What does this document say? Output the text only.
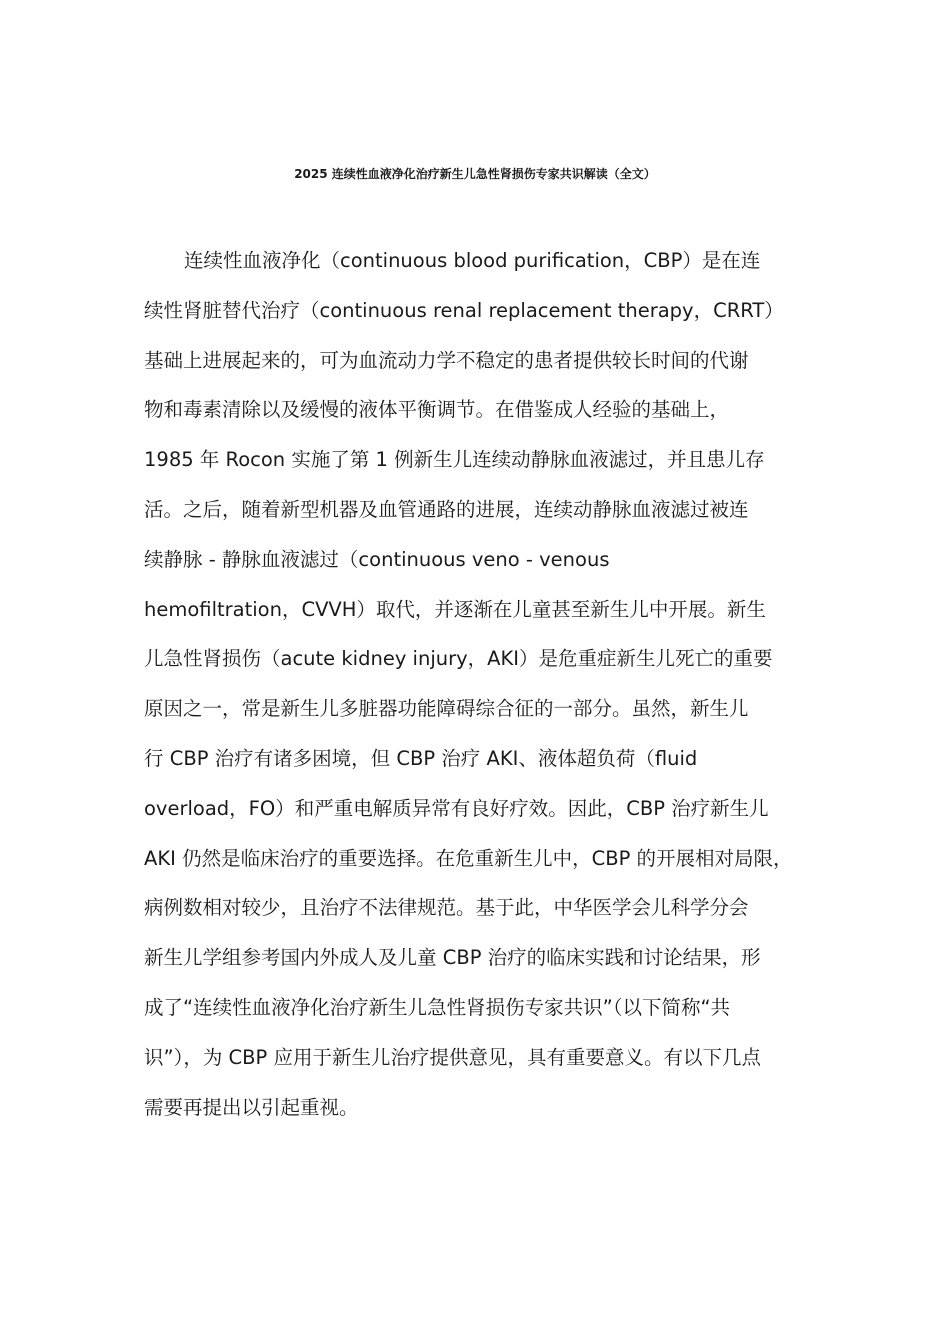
2025 连续性血液净化治疗新生儿急性肾损伤专家共识解读（全文）
连续性血液净化（continuous blood purification，CBP）是在连
续性肾脏替代治疗（continuous renal replacement therapy，CRRT）
基础上进展起来的，可为血流动力学不稳定的患者提供较长时间的代谢
物和毒素清除以及缓慢的液体平衡调节。在借鉴成人经验的基础上，
1985 年 Rocon 实施了第 1 例新生儿连续动静脉血液滤过，并且患儿存
活。之后，随着新型机器及血管通路的进展，连续动静脉血液滤过被连
续静脉 - 静脉血液滤过（continuous veno - venous
hemofiltration，CVVH）取代，并逐渐在儿童甚至新生儿中开展。新生
儿急性肾损伤（acute kidney injury，AKI）是危重症新生儿死亡的重要
原因之一，常是新生儿多脏器功能障碍综合征的一部分。虽然，新生儿
行 CBP 治疗有诸多困境，但 CBP 治疗 AKI、液体超负荷（fluid
overload，FO）和严重电解质异常有良好疗效。因此，CBP 治疗新生儿
AKI 仍然是临床治疗的重要选择。在危重新生儿中，CBP 的开展相对局限，
病例数相对较少，且治疗不法律规范。基于此，中华医学会儿科学分会
新生儿学组参考国内外成人及儿童 CBP 治疗的临床实践和讨论结果，形
成了“连续性血液净化治疗新生儿急性肾损伤专家共识”（以下简称“共
识”），为 CBP 应用于新生儿治疗提供意见，具有重要意义。有以下几点
需要再提出以引起重视。
